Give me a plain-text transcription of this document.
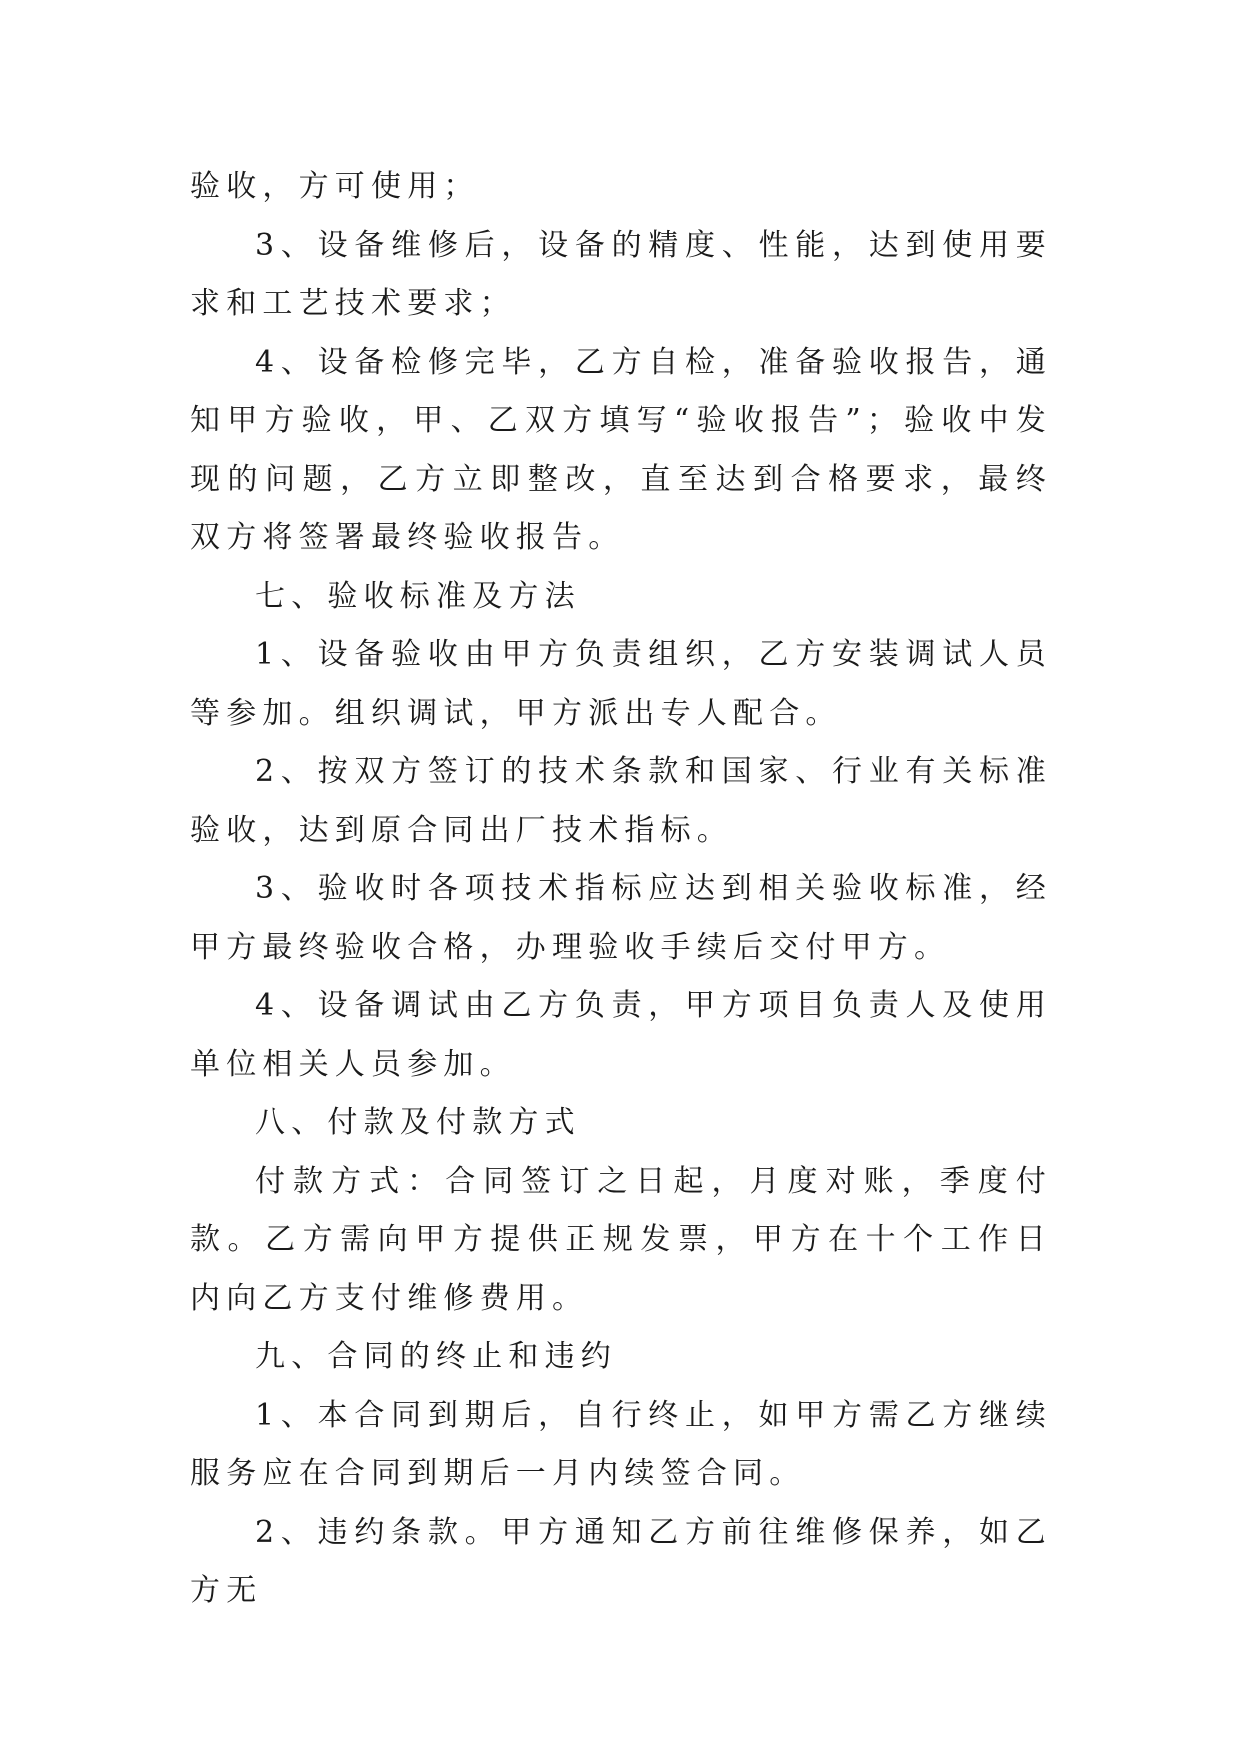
验收，方可使用；

3、设备维修后，设备的精度、性能，达到使用要求和工艺技术要求；

4、设备检修完毕，乙方自检，准备验收报告，通知甲方验收，甲、乙双方填写“验收报告”；验收中发现的问题，乙方立即整改，直至达到合格要求，最终双方将签署最终验收报告。

七、验收标准及方法

1、设备验收由甲方负责组织，乙方安装调试人员等参加。组织调试，甲方派出专人配合。

2、按双方签订的技术条款和国家、行业有关标准验收，达到原合同出厂技术指标。

3、验收时各项技术指标应达到相关验收标准，经甲方最终验收合格，办理验收手续后交付甲方。

4、设备调试由乙方负责，甲方项目负责人及使用单位相关人员参加。

八、付款及付款方式

付款方式：合同签订之日起，月度对账，季度付款。乙方需向甲方提供正规发票，甲方在十个工作日内向乙方支付维修费用。

九、合同的终止和违约

1、本合同到期后，自行终止，如甲方需乙方继续服务应在合同到期后一月内续签合同。

2、违约条款。甲方通知乙方前往维修保养，如乙方无
